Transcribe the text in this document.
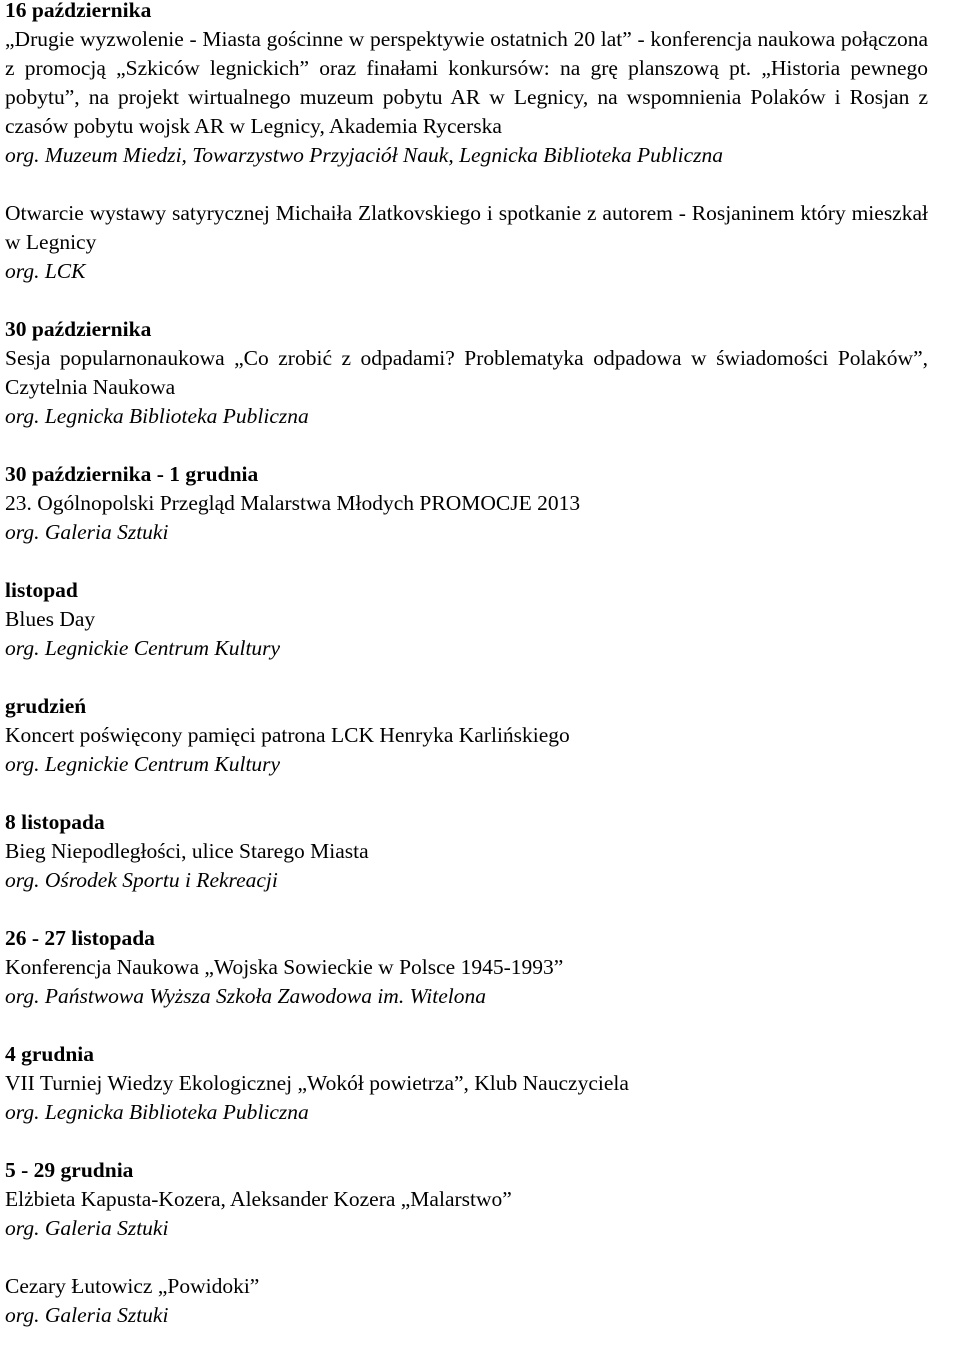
16 października
„Drugie wyzwolenie - Miasta gościnne w perspektywie ostatnich 20 lat” - konferencja naukowa połączona z promocją „Szkiców legnickich” oraz finałami konkursów: na grę planszową pt. „Historia pewnego pobytu”, na projekt wirtualnego muzeum pobytu AR w Legnicy, na wspomnienia Polaków i Rosjan z czasów pobytu wojsk AR w Legnicy, Akademia Rycerska
org. Muzeum Miedzi, Towarzystwo Przyjaciół Nauk, Legnicka Biblioteka Publiczna
Otwarcie wystawy satyrycznej Michaiła Zlatkovskiego i spotkanie z autorem - Rosjaninem który mieszkał w Legnicy
org. LCK
30 października
Sesja popularnonaukowa „Co zrobić z odpadami? Problematyka odpadowa w świadomości Polaków”, Czytelnia Naukowa
org. Legnicka Biblioteka Publiczna
30 października - 1 grudnia
23. Ogólnopolski Przegląd Malarstwa Młodych PROMOCJE 2013
org. Galeria Sztuki
listopad
Blues Day
org. Legnickie Centrum Kultury
grudzień
Koncert poświęcony pamięci patrona LCK Henryka Karlińskiego
org. Legnickie Centrum Kultury
8 listopada
Bieg Niepodległości, ulice Starego Miasta
org. Ośrodek Sportu i Rekreacji
26 - 27 listopada
Konferencja Naukowa „Wojska Sowieckie w Polsce 1945-1993”
org. Państwowa Wyższa Szkoła Zawodowa im. Witelona
4 grudnia
VII Turniej Wiedzy Ekologicznej „Wokół powietrza”, Klub Nauczyciela
org. Legnicka Biblioteka Publiczna
5 - 29 grudnia
Elżbieta Kapusta-Kozera, Aleksander Kozera „Malarstwo”
org. Galeria Sztuki
Cezary Łutowicz „Powidoki”
org. Galeria Sztuki
